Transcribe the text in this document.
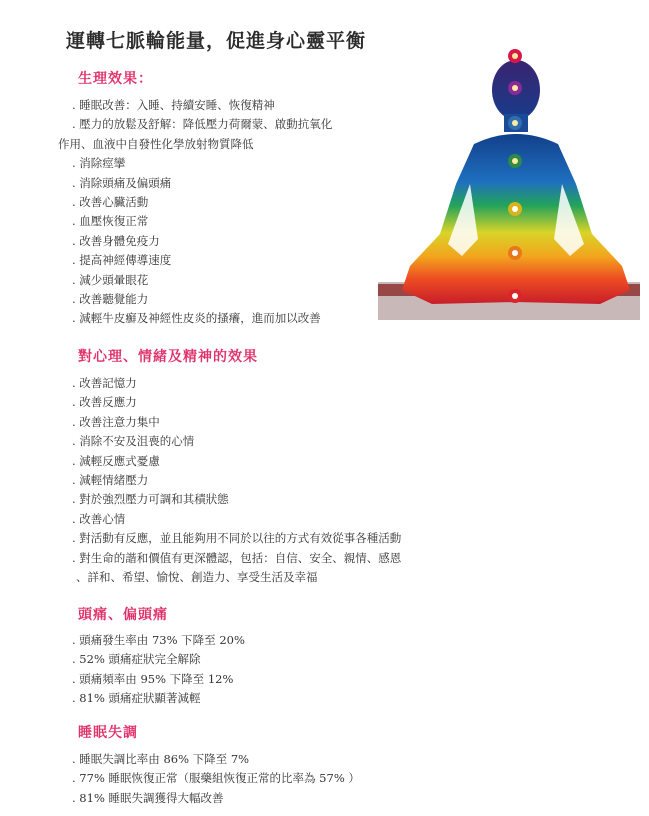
運轉七脈輪能量，促進身心靈平衡
生理效果：
. 睡眠改善：入睡、持續安睡、恢復精神
. 壓力的放鬆及舒解：降低壓力荷爾蒙、啟動抗氧化
作用、血液中自發性化學放射物質降低
. 消除痙攣
. 消除頭痛及偏頭痛
. 改善心臟活動
. 血壓恢復正常
. 改善身體免疫力
. 提高神經傳導速度
. 減少頭暈眼花
. 改善聽覺能力
. 減輕牛皮癬及神經性皮炎的搔癢，進而加以改善
對心理、情緒及精神的效果
. 改善記憶力
. 改善反應力
. 改善注意力集中
. 消除不安及沮喪的心情
. 減輕反應式憂慮
. 減輕情緒壓力
. 對於強烈壓力可調和其積狀態
. 改善心情
. 對活動有反應，並且能夠用不同於以往的方式有效從事各種活動
. 對生命的諧和價值有更深體認，包括：自信、安全、親情、感恩
、詳和、希望、愉悅、創造力、享受生活及幸福
頭痛、偏頭痛
. 頭痛發生率由 73% 下降至 20%
. 52% 頭痛症狀完全解除
. 頭痛頻率由 95% 下降至 12%
. 81% 頭痛症狀顯著減輕
睡眠失調
. 睡眠失調比率由 86% 下降至 7%
. 77% 睡眠恢復正常（服藥組恢復正常的比率為 57% ）
. 81% 睡眠失調獲得大幅改善
